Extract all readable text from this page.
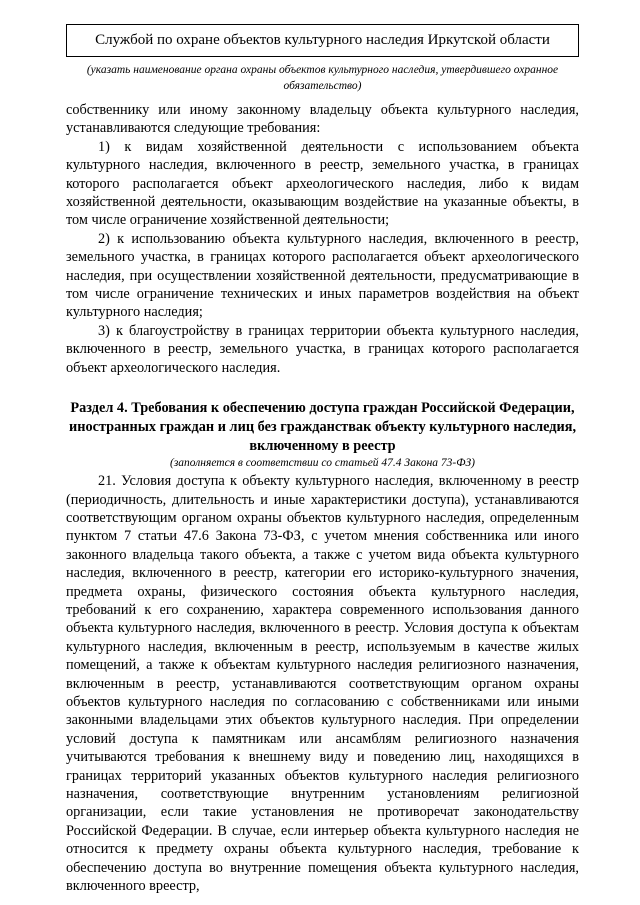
Службой по охране объектов культурного наследия Иркутской области
(указать наименование органа охраны объектов культурного наследия, утвердившего охранное обязательство)

собственнику или иному законному владельцу объекта культурного наследия, устанавливаются следующие требования:

1) к видам хозяйственной деятельности с использованием объекта культурного наследия, включенного в реестр, земельного участка, в границах которого располагается объект археологического наследия, либо к видам хозяйственной деятельности, оказывающим воздействие на указанные объекты, в том числе ограничение хозяйственной деятельности;

2) к использованию объекта культурного наследия, включенного в реестр, земельного участка, в границах которого располагается объект археологического наследия, при осуществлении хозяйственной деятельности, предусматривающие в том числе ограничение технических и иных параметров воздействия на объект культурного наследия;

3) к благоустройству в границах территории объекта культурного наследия, включенного в реестр, земельного участка, в границах которого располагается объект археологического наследия.

Раздел 4. Требования к обеспечению доступа граждан Российской Федерации, иностранных граждан и лиц без гражданствак объекту культурного наследия, включенному в реестр

(заполняется в соответствии со статьей 47.4 Закона 73-ФЗ)

21. Условия доступа к объекту культурного наследия, включенному в реестр (периодичность, длительность и иные характеристики доступа), устанавливаются соответствующим органом охраны объектов культурного наследия, определенным пунктом 7 статьи 47.6 Закона 73-ФЗ, с учетом мнения собственника или иного законного владельца такого объекта, а также с учетом вида объекта культурного наследия, включенного в реестр, категории его историко-культурного значения, предмета охраны, физического состояния объекта культурного наследия, требований к его сохранению, характера современного использования данного объекта культурного наследия, включенного в реестр. Условия доступа к объектам культурного наследия, включенным в реестр, используемым в качестве жилых помещений, а также к объектам культурного наследия религиозного назначения, включенным в реестр, устанавливаются соответствующим органом охраны объектов культурного наследия по согласованию с собственниками или иными законными владельцами этих объектов культурного наследия. При определении условий доступа к памятникам или ансамблям религиозного назначения учитываются требования к внешнему виду и поведению лиц, находящихся в границах территорий указанных объектов культурного наследия религиозного назначения, соответствующие внутренним установлениям религиозной организации, если такие установления не противоречат законодательству Российской Федерации. В случае, если интерьер объекта культурного наследия не относится к предмету охраны объекта культурного наследия, требование к обеспечению доступа во внутренние помещения объекта культурного наследия, включенного вреестр,
